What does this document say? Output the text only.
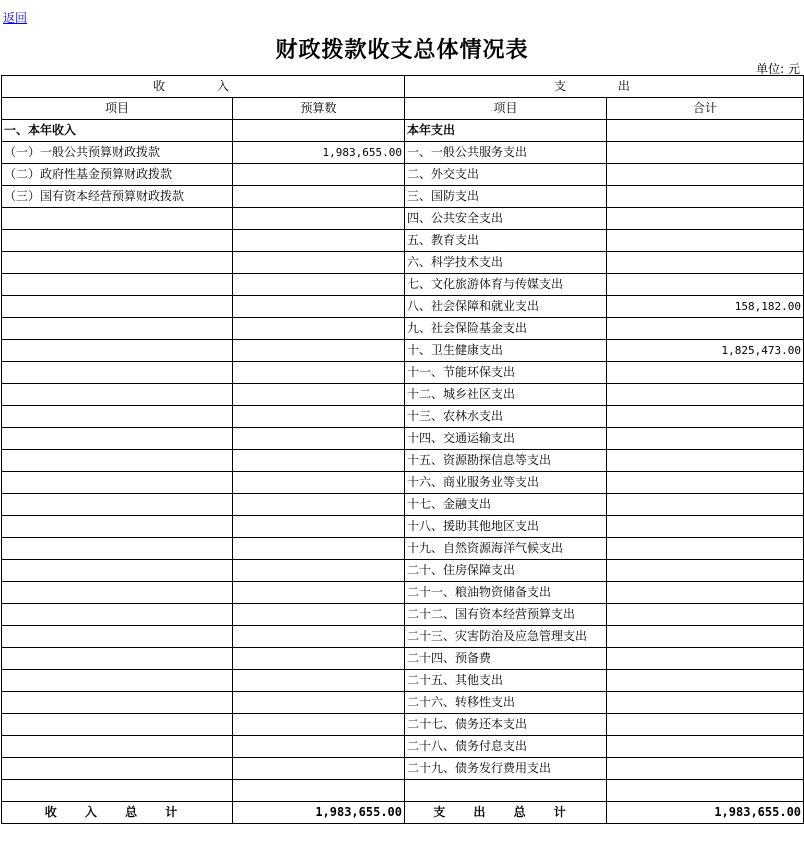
返回
财政拨款收支总体情况表
单位: 元
收 入		支 出	
项目	预算数	项目	合计
一、本年收入		本年支出	
（一）一般公共预算财政拨款	1,983,655.00	一、一般公共服务支出	
（二）政府性基金预算财政拨款		二、外交支出	
（三）国有资本经营预算财政拨款		三、国防支出	
		四、公共安全支出	
		五、教育支出	
		六、科学技术支出	
		七、文化旅游体育与传媒支出	
		八、社会保障和就业支出	158,182.00
		九、社会保险基金支出	
		十、卫生健康支出	1,825,473.00
		十一、节能环保支出	
		十二、城乡社区支出	
		十三、农林水支出	
		十四、交通运输支出	
		十五、资源勘探信息等支出	
		十六、商业服务业等支出	
		十七、金融支出	
		十八、援助其他地区支出	
		十九、自然资源海洋气候支出	
		二十、住房保障支出	
		二十一、粮油物资储备支出	
		二十二、国有资本经营预算支出	
		二十三、灾害防治及应急管理支出	
		二十四、预备费	
		二十五、其他支出	
		二十六、转移性支出	
		二十七、债务还本支出	
		二十八、债务付息支出	
		二十九、债务发行费用支出	

收 入 总 计	1,983,655.00	支 出 总 计	1,983,655.00
